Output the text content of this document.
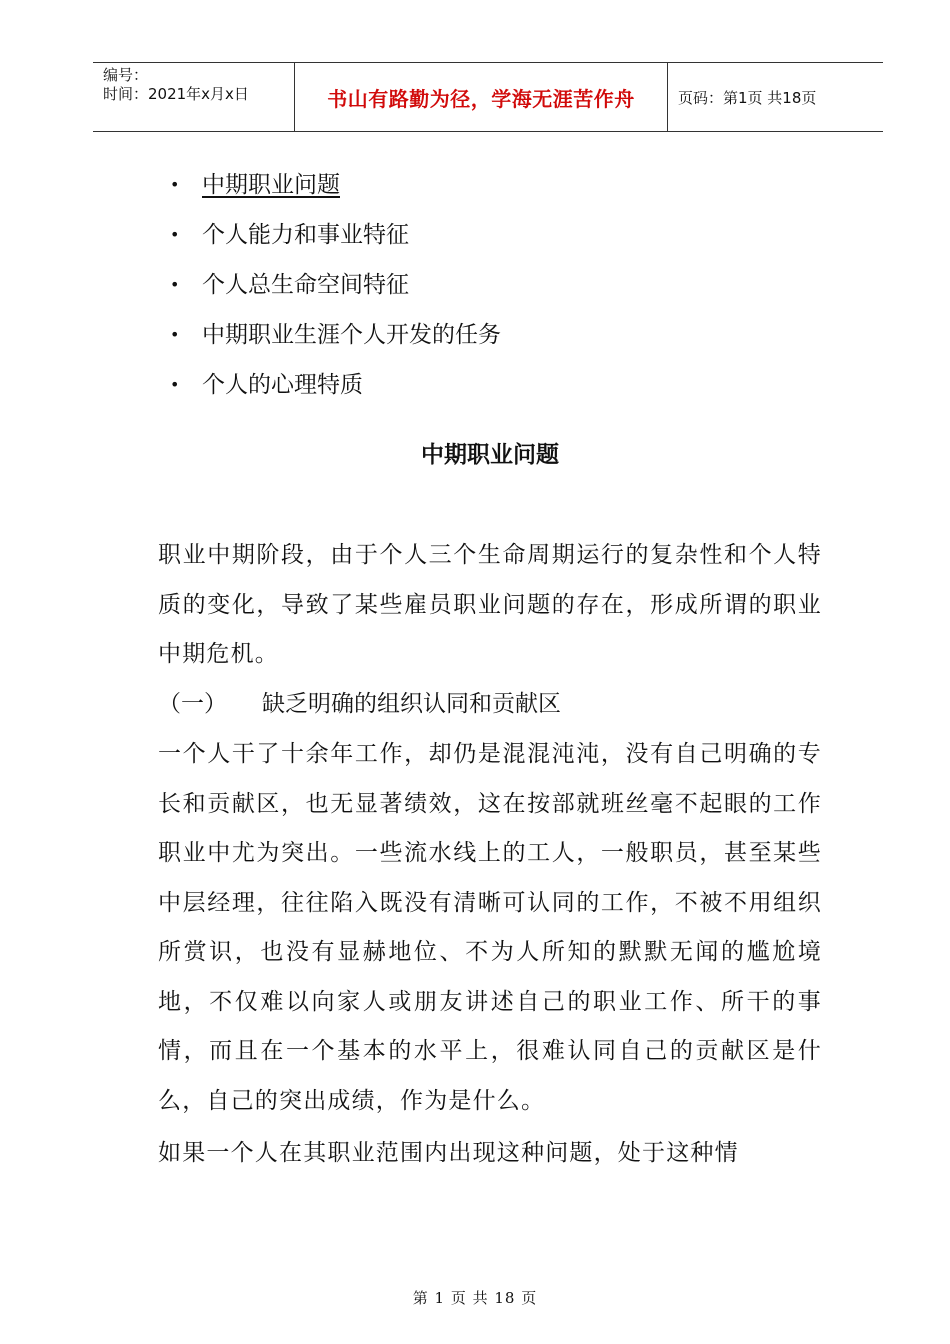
编号：
时间：2021年x月x日	书山有路勤为径，学海无涯苦作舟	页码：第1页 共18页
• 中期职业问题
• 个人能力和事业特征
• 个人总生命空间特征
• 中期职业生涯个人开发的任务
• 个人的心理特质
中期职业问题

职业中期阶段，由于个人三个生命周期运行的复杂性和个人特质的变化，导致了某些雇员职业问题的存在，形成所谓的职业中期危机。

（一） 缺乏明确的组织认同和贡献区

一个人干了十余年工作，却仍是混混沌沌，没有自己明确的专长和贡献区，也无显著绩效，这在按部就班丝毫不起眼的工作职业中尤为突出。一些流水线上的工人，一般职员，甚至某些中层经理，往往陷入既没有清晰可认同的工作，不被不用组织所赏识，也没有显赫地位、不为人所知的默默无闻的尴尬境地，不仅难以向家人或朋友讲述自己的职业工作、所干的事情，而且在一个基本的水平上，很难认同自己的贡献区是什么，自己的突出成绩，作为是什么。

如果一个人在其职业范围内出现这种问题，处于这种情

第 1 页 共 18 页
